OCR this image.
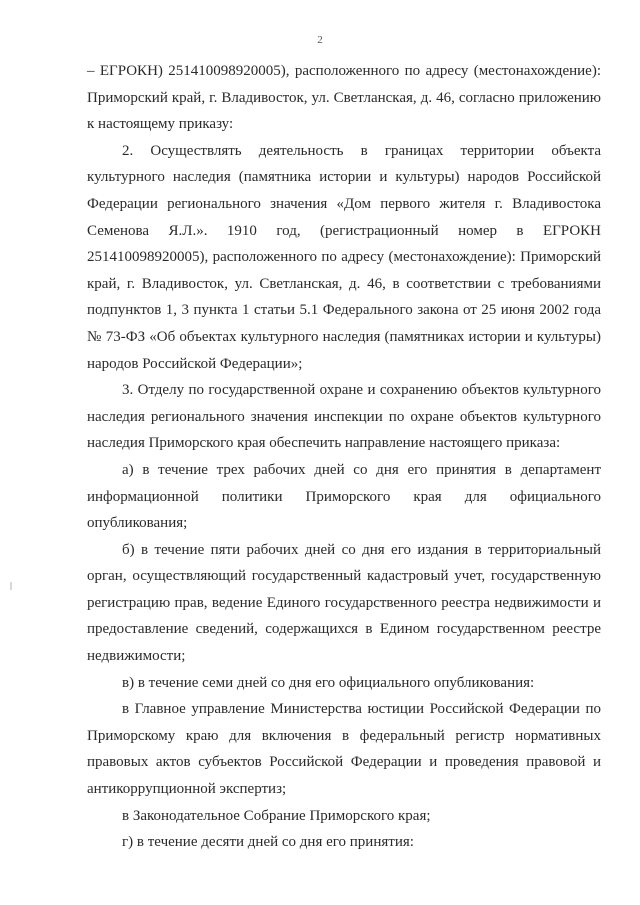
2

– ЕГРОКН) 251410098920005), расположенного по адресу (местонахождение): Приморский край, г. Владивосток, ул. Светланская, д. 46, согласно приложению к настоящему приказу:

2. Осуществлять деятельность в границах территории объекта культурного наследия (памятника истории и культуры) народов Российской Федерации регионального значения «Дом первого жителя г. Владивостока Семенова Я.Л.». 1910 год, (регистрационный номер в ЕГРОКН 251410098920005), расположенного по адресу (местонахождение): Приморский край, г. Владивосток, ул. Светланская, д. 46, в соответствии с требованиями подпунктов 1, 3 пункта 1 статьи 5.1 Федерального закона от 25 июня 2002 года № 73-ФЗ «Об объектах культурного наследия (памятниках истории и культуры) народов Российской Федерации»;

3. Отделу по государственной охране и сохранению объектов культурного наследия регионального значения инспекции по охране объектов культурного наследия Приморского края обеспечить направление настоящего приказа:

а) в течение трех рабочих дней со дня его принятия в департамент информационной политики Приморского края для официального опубликования;

б) в течение пяти рабочих дней со дня его издания в территориальный орган, осуществляющий государственный кадастровый учет, государственную регистрацию прав, ведение Единого государственного реестра недвижимости и предоставление сведений, содержащихся в Едином государственном реестре недвижимости;

в) в течение семи дней со дня его официального опубликования:

в Главное управление Министерства юстиции Российской Федерации по Приморскому краю для включения в федеральный регистр нормативных правовых актов субъектов Российской Федерации и проведения правовой и антикоррупционной экспертиз;

в Законодательное Собрание Приморского края;

г) в течение десяти дней со дня его принятия:
